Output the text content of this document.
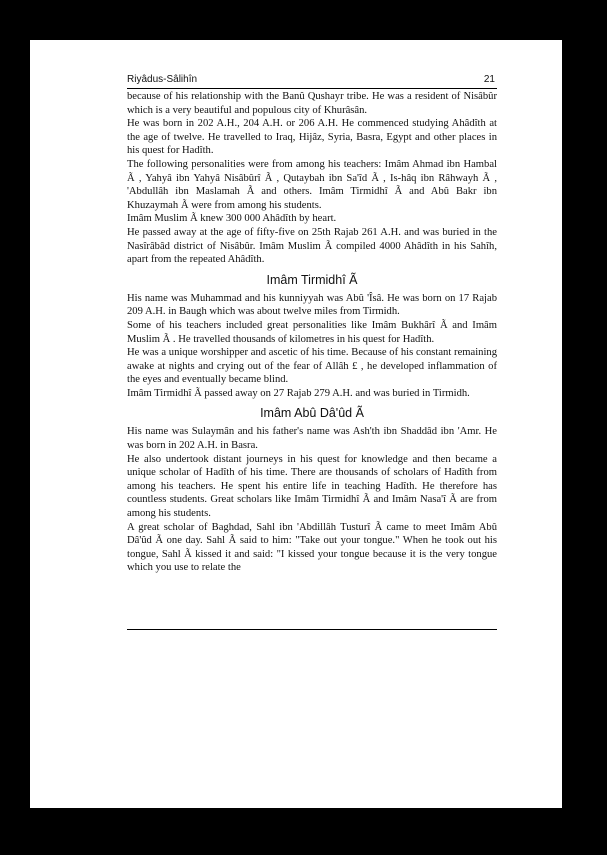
Riyâdus-Sâlihîn	21

because of his relationship with the Banû Qushayr tribe. He was a resident of Nisâbûr which is a very beautiful and populous city of Khurâsân.

He was born in 202 A.H., 204 A.H. or 206 A.H. He commenced studying Ahâdîth at the age of twelve. He travelled to Iraq, Hijâz, Syria, Basra, Egypt and other places in his quest for Hadîth.

The following personalities were from among his teachers: Imâm Ahmad ibn Hambal Ã , Yahyâ ibn Yahyâ Nisâbûrî Ã , Qutaybah ibn Sa'îd Ã , Is-hâq ibn Râhwayh Ã , 'Abdullâh ibn Maslamah Ã and others. Imâm Tirmidhî Ã and Abû Bakr ibn Khuzaymah Ã were from among his students.

Imâm Muslim Ã knew 300 000 Ahâdîth by heart.

He passed away at the age of fifty-five on 25th Rajab 261 A.H. and was buried in the Nasîrâbâd district of Nisâbûr. Imâm Muslim Ã compiled 4000 Ahâdîth in his Sahîh, apart from the repeated Ahâdîth.

Imâm Tirmidhî Ã

His name was Muhammad and his kunniyyah was Abû 'Îsâ. He was born on 17 Rajab 209 A.H. in Baugh which was about twelve miles from Tirmidh.

Some of his teachers included great personalities like Imâm Bukhârî Ã and Imâm Muslim Ã . He travelled thousands of kilometres in his quest for Hadîth.

He was a unique worshipper and ascetic of his time. Because of his constant remaining awake at nights and crying out of the fear of Allâh £ , he developed inflammation of the eyes and eventually became blind.

Imâm Tirmidhî Ã passed away on 27 Rajab 279 A.H. and was buried in Tirmidh.

Imâm Abû Dâ'ûd Ã

His name was Sulaymân and his father's name was Ash'th ibn Shaddâd ibn 'Amr. He was born in 202 A.H. in Basra.

He also undertook distant journeys in his quest for knowledge and then became a unique scholar of Hadîth of his time. There are thousands of scholars of Hadîth from among his teachers. He spent his entire life in teaching Hadîth. He therefore has countless students. Great scholars like Imâm Tirmidhî Ã and Imâm Nasa'î Ã are from among his students.

A great scholar of Baghdad, Sahl ibn 'Abdillâh Tusturî Ã came to meet Imâm Abû Dâ'ûd Ã one day. Sahl Ã said to him: "Take out your tongue." When he took out his tongue, Sahl Ã kissed it and said: "I kissed your tongue because it is the very tongue which you use to relate the
